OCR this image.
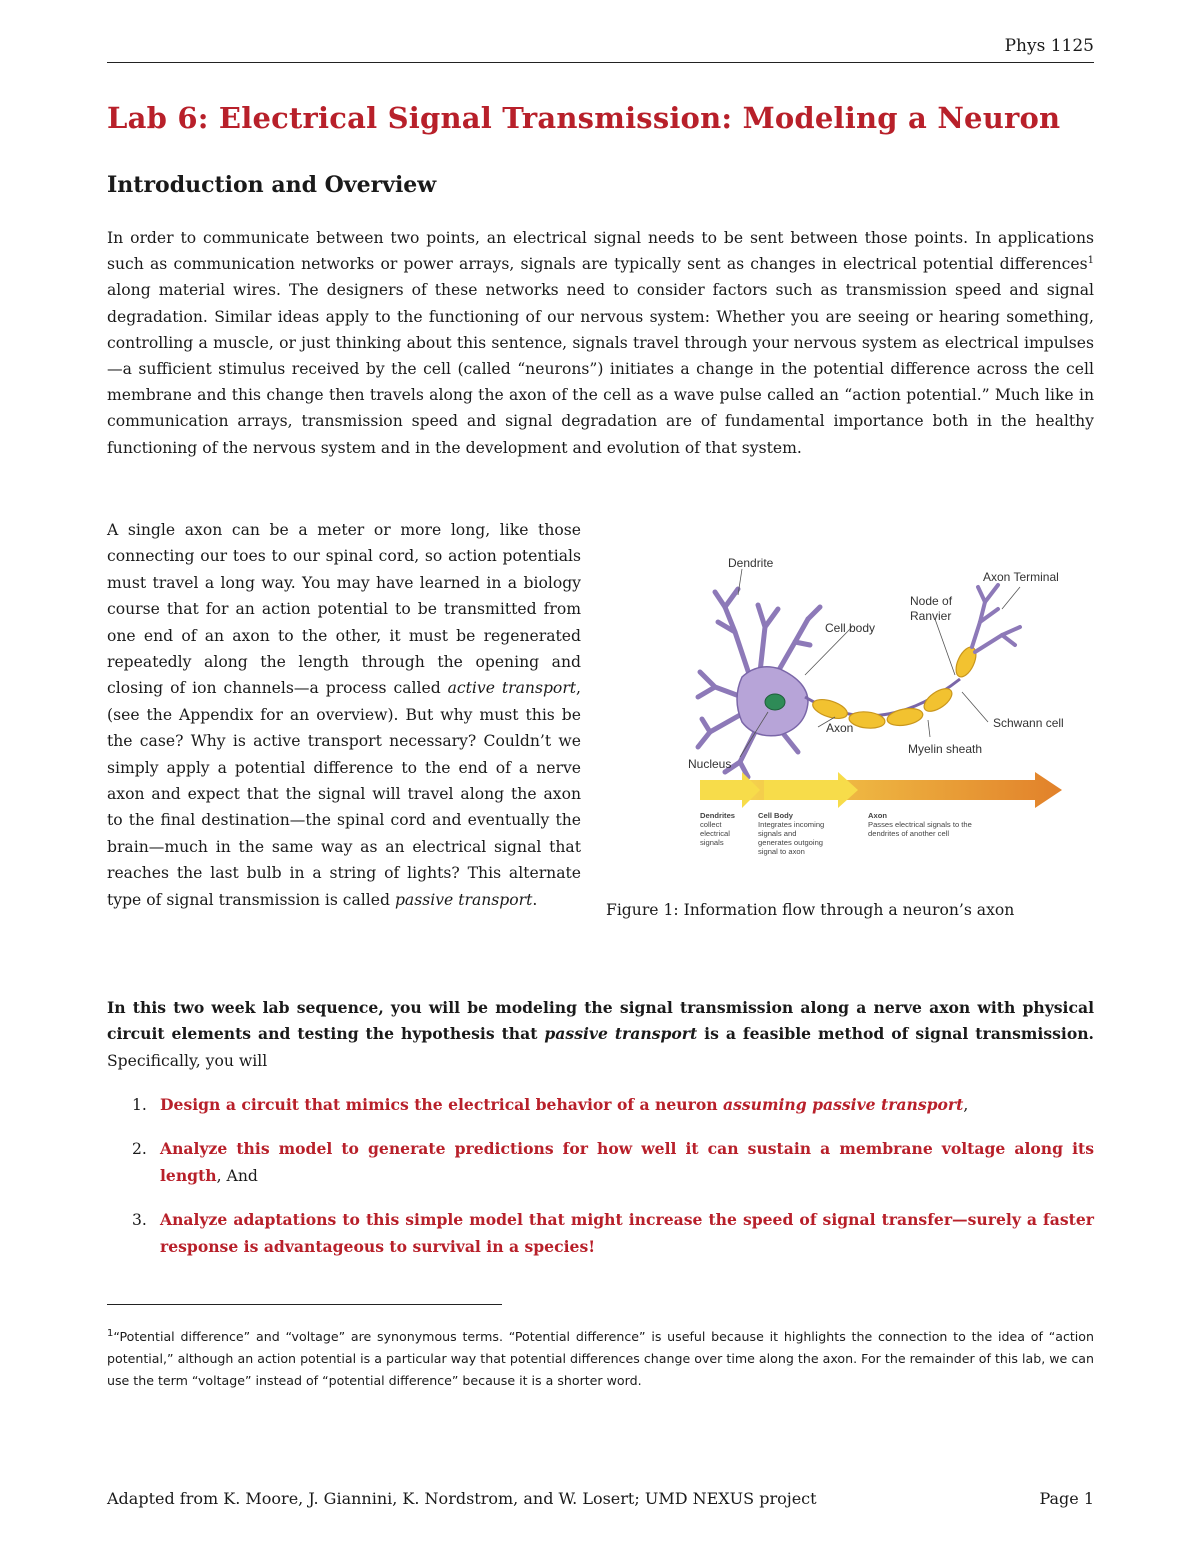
Phys 1125
Lab 6: Electrical Signal Transmission: Modeling a Neuron
Introduction and Overview

In order to communicate between two points, an electrical signal needs to be sent between those points. In applications such as communication networks or power arrays, signals are typically sent as changes in electrical potential differences$^1$ along material wires. The designers of these networks need to consider factors such as transmission speed and signal degradation. Similar ideas apply to the functioning of our nervous system: Whether you are seeing or hearing something, controlling a muscle, or just thinking about this sentence, signals travel through your nervous system as electrical impulses—a sufficient stimulus received by the cell (called “neurons”) initiates a change in the potential difference across the cell membrane and this change then travels along the axon of the cell as a wave pulse called an “action potential.” Much like in communication arrays, transmission speed and signal degradation are of fundamental importance both in the healthy functioning of the nervous system and in the development and evolution of that system.

A single axon can be a meter or more long, like those connecting our toes to our spinal cord, so action potentials must travel a long way. You may have learned in a biology course that for an action potential to be transmitted from one end of an axon to the other, it must be regenerated repeatedly along the length through the opening and closing of ion channels—a process called active transport, (see the Appendix for an overview). But why must this be the case? Why is active transport necessary? Couldn’t we simply apply a potential difference to the end of a nerve axon and expect that the signal will travel along the axon to the final destination—the spinal cord and eventually the brain—much in the same way as an electrical signal that reaches the last bulb in a string of lights? This alternate type of signal transmission is called passive transport.

Dendrite
Axon Terminal
Node of
Ranvier
Cell body
Schwann cell
Axon
Myelin sheath
Nucleus
Dendrites
collect
electrical
signals
Cell Body
Integrates incoming
signals and
generates outgoing
signal to axon
Axon
Passes electrical signals to the
dendrites of another cell

Figure 1: Information flow through a neuron’s axon

In this two week lab sequence, you will be modeling the signal transmission along a nerve axon with physical circuit elements and testing the hypothesis that passive transport is a feasible method of signal transmission. Specifically, you will

1. Design a circuit that mimics the electrical behavior of a neuron assuming passive transport,
2. Analyze this model to generate predictions for how well it can sustain a membrane voltage along its length, And
3. Analyze adaptations to this simple model that might increase the speed of signal transfer—surely a faster response is advantageous to survival in a species!

$^1$“Potential difference” and “voltage” are synonymous terms. “Potential difference” is useful because it highlights the connection to the idea of “action potential,” although an action potential is a particular way that potential differences change over time along the axon. For the remainder of this lab, we can use the term “voltage” instead of “potential difference” because it is a shorter word.

Adapted from K. Moore, J. Giannini, K. Nordstrom, and W. Losert; UMD NEXUS project	Page 1
